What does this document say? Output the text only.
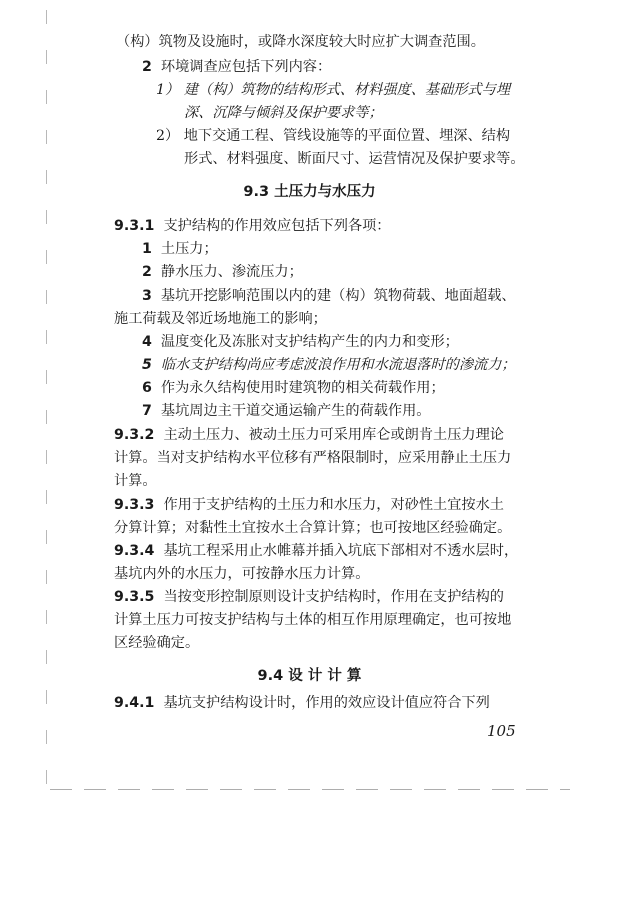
（构）筑物及设施时，或降水深度较大时应扩大调查范围。
2 环境调查应包括下列内容：
1） 建（构）筑物的结构形式、材料强度、基础形式与埋
深、沉降与倾斜及保护要求等；
2） 地下交通工程、管线设施等的平面位置、埋深、结构
形式、材料强度、断面尺寸、运营情况及保护要求等。
9.3 土压力与水压力
9.3.1 支护结构的作用效应包括下列各项：
1 土压力；
2 静水压力、渗流压力；
3 基坑开挖影响范围以内的建（构）筑物荷载、地面超载、
施工荷载及邻近场地施工的影响；
4 温度变化及冻胀对支护结构产生的内力和变形；
5 临水支护结构尚应考虑波浪作用和水流退落时的渗流力；
6 作为永久结构使用时建筑物的相关荷载作用；
7 基坑周边主干道交通运输产生的荷载作用。
9.3.2 主动土压力、被动土压力可采用库仑或朗肯土压力理论
计算。当对支护结构水平位移有严格限制时，应采用静止土压力
计算。
9.3.3 作用于支护结构的土压力和水压力，对砂性土宜按水土
分算计算；对黏性土宜按水土合算计算；也可按地区经验确定。
9.3.4 基坑工程采用止水帷幕并插入坑底下部相对不透水层时，
基坑内外的水压力，可按静水压力计算。
9.3.5 当按变形控制原则设计支护结构时，作用在支护结构的
计算土压力可按支护结构与土体的相互作用原理确定，也可按地
区经验确定。
9.4 设 计 计 算
9.4.1 基坑支护结构设计时，作用的效应设计值应符合下列
105
